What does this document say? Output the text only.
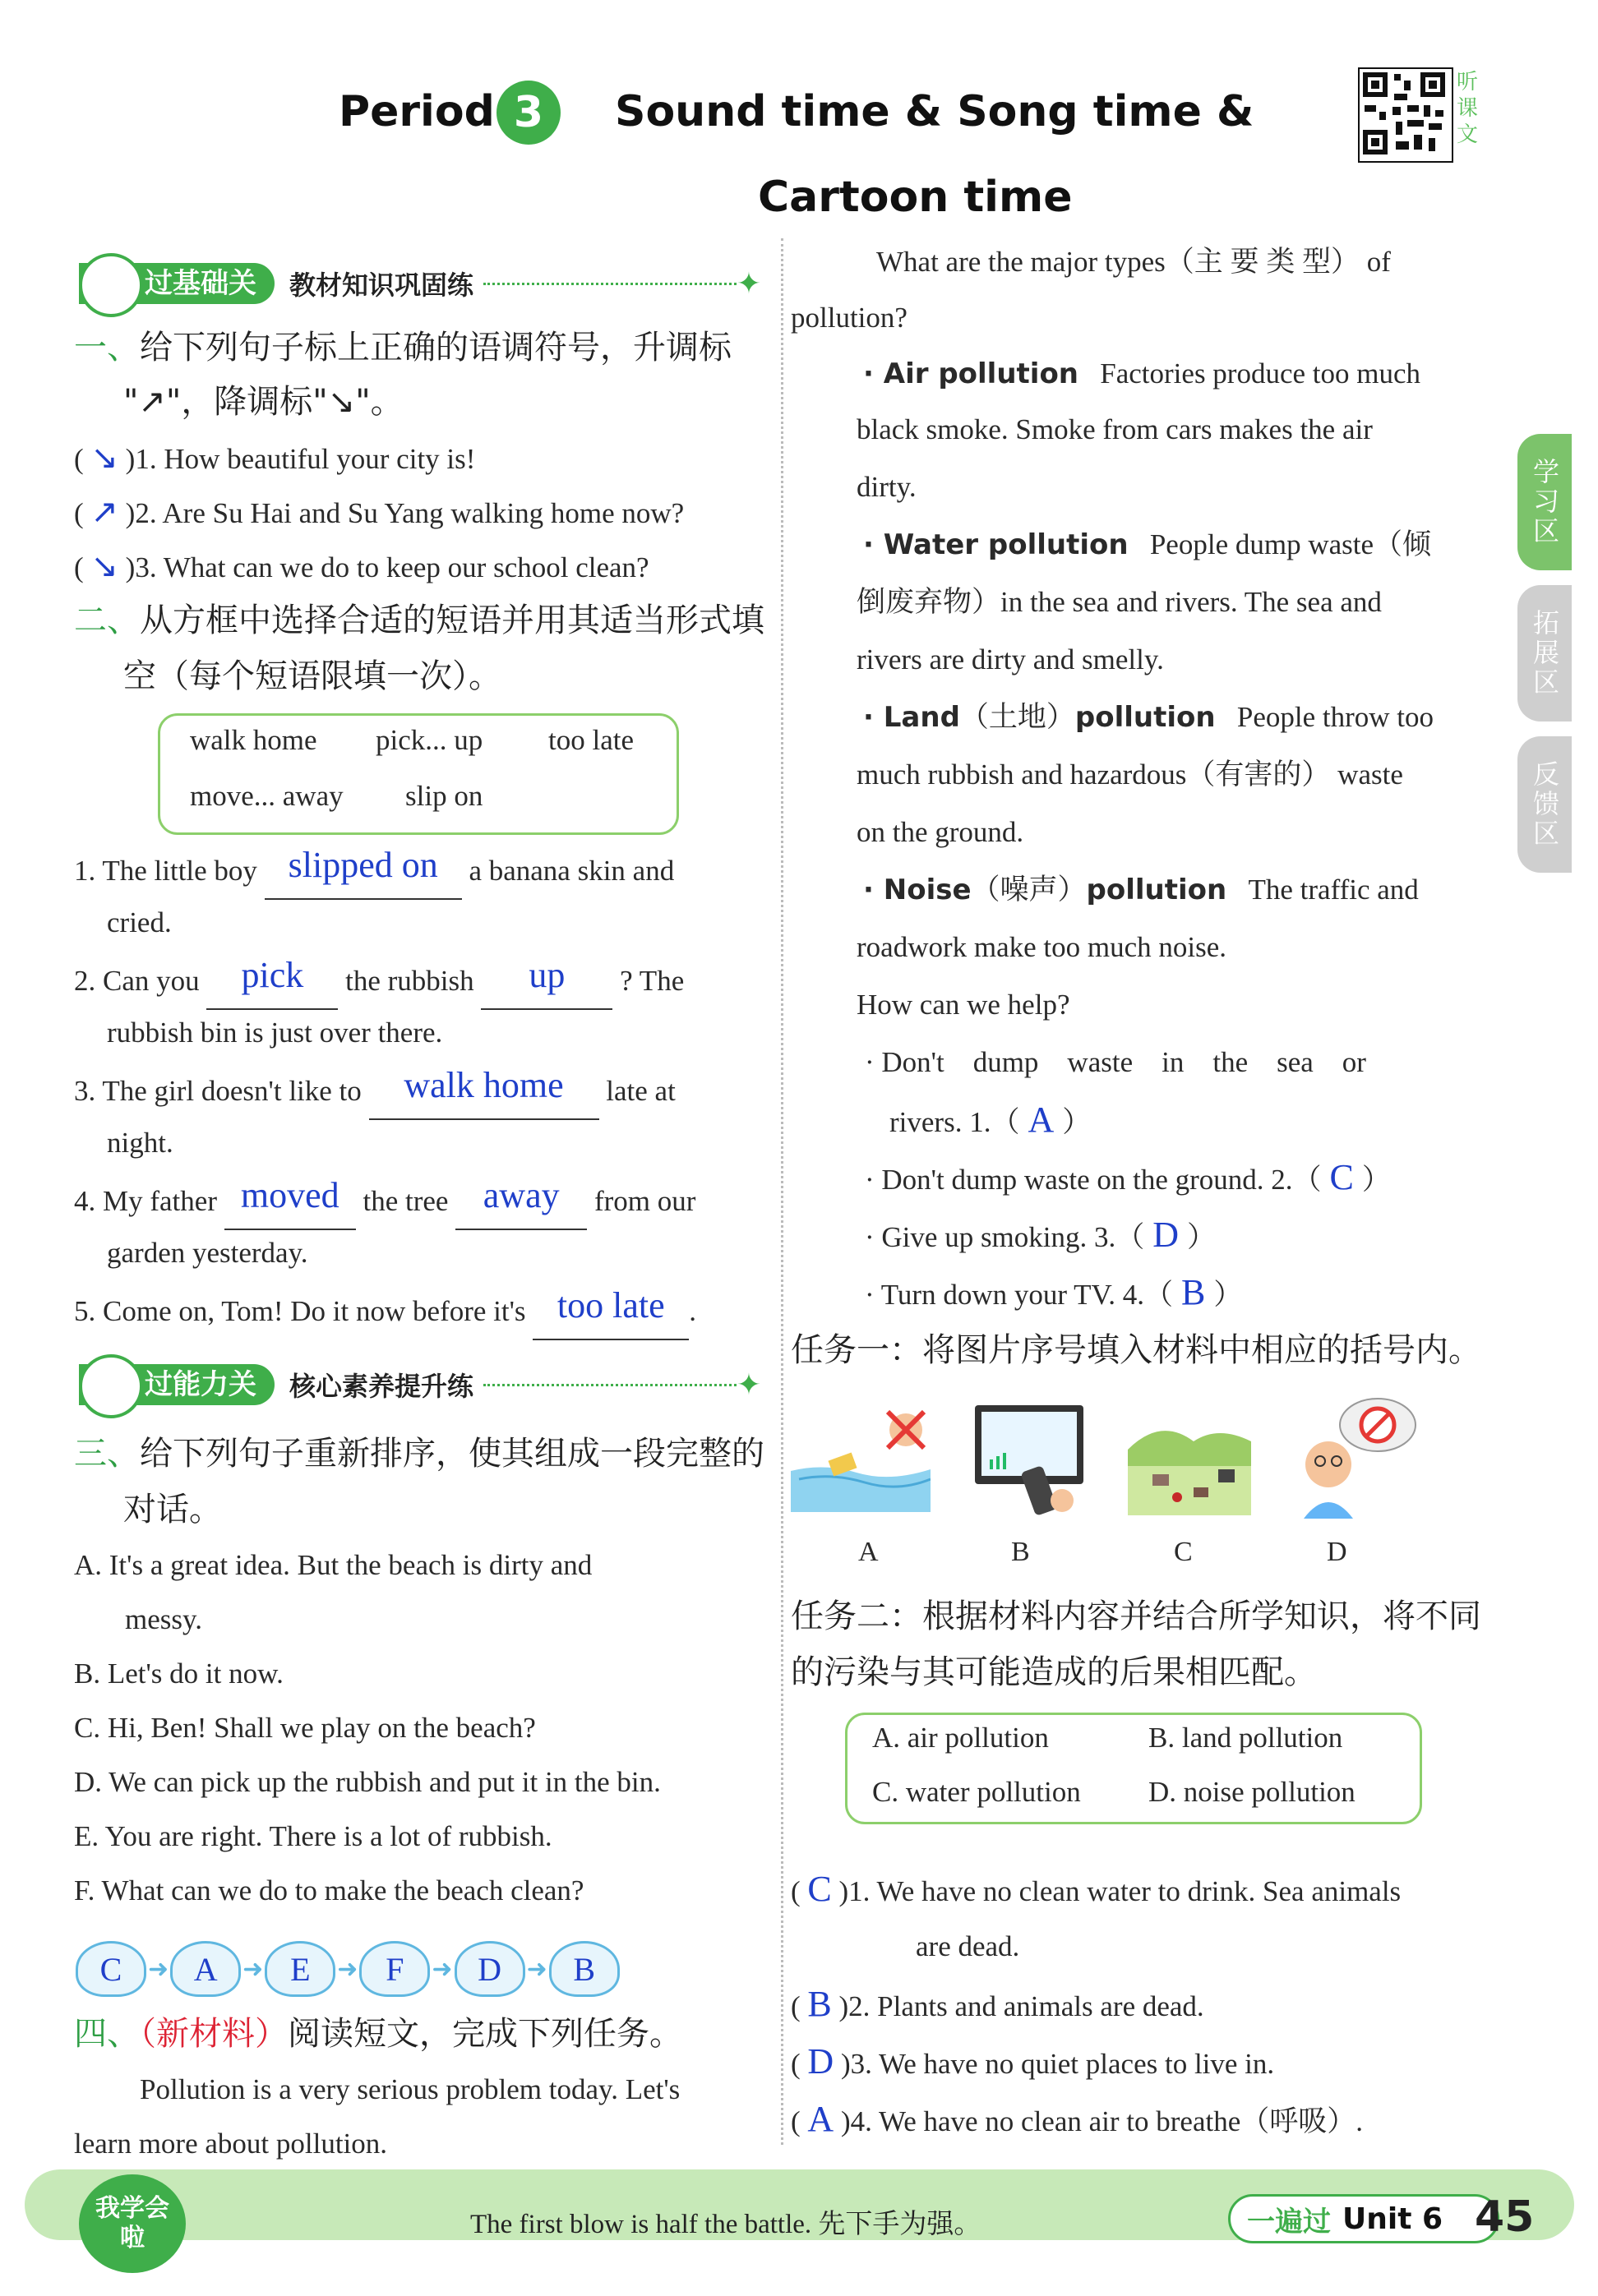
Period 3	Sound time & Song time &
Cartoon time
听课文
过基础关	教材知识巩固练	✦
一、给下列句子标上正确的语调符号，升调标
"↗"，降调标"↘"。
( ↘ )1. How beautiful your city is!
( ↗ )2. Are Su Hai and Su Yang walking home now?
( ↘ )3. What can we do to keep our school clean?
二、从方框中选择合适的短语并用其适当形式填
空（每个短语限填一次）。
walk home pick... up too late
move... away slip on
1. The little boy slipped on a banana skin and
cried.
2. Can you pick the rubbish up ? The
rubbish bin is just over there.
3. The girl doesn't like to walk home late at
night.
4. My father moved the tree away from our
garden yesterday.
5. Come on, Tom! Do it now before it's too late .
过能力关	核心素养提升练	✦
三、给下列句子重新排序，使其组成一段完整的
对话。
A. It's a great idea. But the beach is dirty and
messy.
B. Let's do it now.
C. Hi, Ben! Shall we play on the beach?
D. We can pick up the rubbish and put it in the bin.
E. You are right. There is a lot of rubbish.
F. What can we do to make the beach clean?
C ➜ A ➜ E ➜ F ➜ D ➜ B
四、（新材料）阅读短文，完成下列任务。
Pollution is a very serious problem today. Let's
learn more about pollution.
What are the major types（主 要 类 型） of
pollution?
· Air pollution Factories produce too much
black smoke. Smoke from cars makes the air
dirty.
· Water pollution People dump waste（倾
倒废弃物）in the sea and rivers. The sea and
rivers are dirty and smelly.
· Land（土地）pollution People throw too
much rubbish and hazardous（有害的） waste
on the ground.
· Noise（噪声）pollution The traffic and
roadwork make too much noise.
How can we help?
· Don't    dump    waste    in    the    sea    or
rivers. 1.（ A ）
· Don't dump waste on the ground. 2.（ C ）
· Give up smoking. 3.（ D ）
· Turn down your TV. 4.（ B ）
任务一：将图片序号填入材料中相应的括号内。
A	B	C	D
任务二：根据材料内容并结合所学知识，将不同
的污染与其可能造成的后果相匹配。
A. air pollution	B. land pollution
C. water pollution D. noise pollution
( C )1. We have no clean water to drink. Sea animals
are dead.
( B )2. Plants and animals are dead.
( D )3. We have no quiet places to live in.
( A )4. We have no clean air to breathe（呼吸）.
学习区
拓展区
反馈区
我学会啦	The first blow is half the battle. 先下手为强。	一遍过 Unit 6 45
